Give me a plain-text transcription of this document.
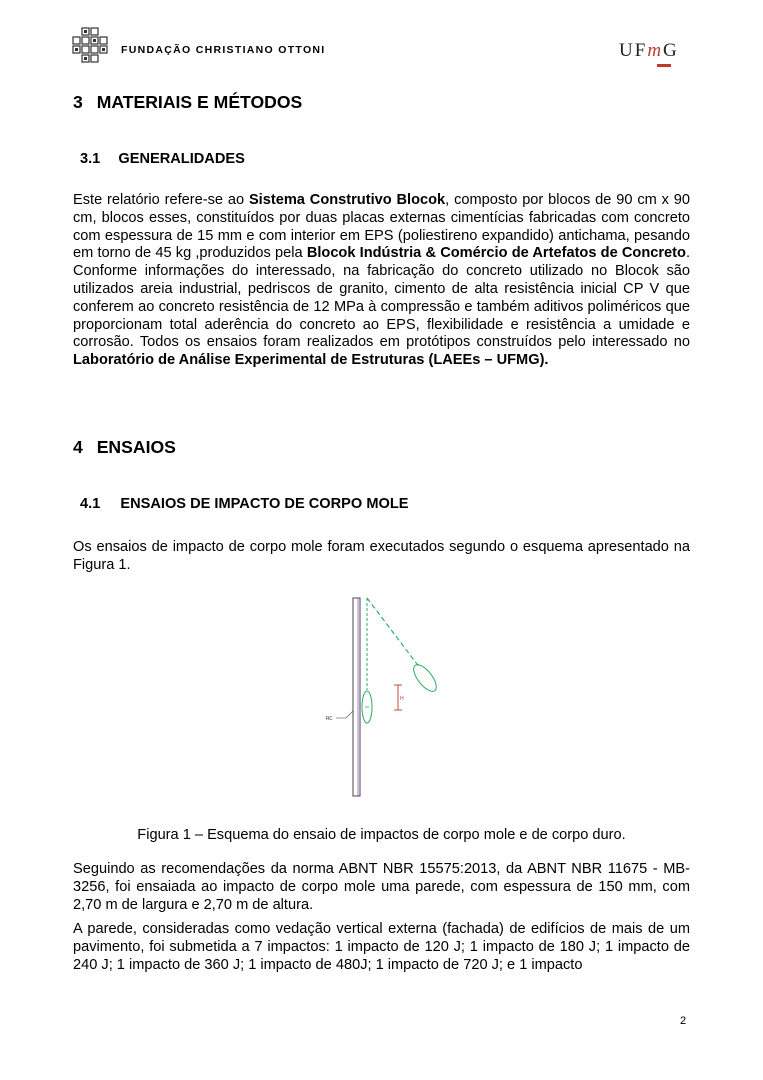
FUNDAÇÃO CHRISTIANO OTTONI	UFmG
3 MATERIAIS E MÉTODOS
3.1 GENERALIDADES
Este relatório refere-se ao Sistema Construtivo Blocok, composto por blocos de 90 cm x 90 cm, blocos esses, constituídos por duas placas externas cimentícias fabricadas com concreto com espessura de 15 mm e com interior em EPS (poliestireno expandido) antichama, pesando em torno de 45 kg ,produzidos pela Blocok Indústria & Comércio de Artefatos de Concreto. Conforme informações do interessado, na fabricação do concreto utilizado no Blocok são utilizados areia industrial, pedriscos de granito, cimento de alta resistência inicial CP V que conferem ao concreto resistência de 12 MPa à compressão e também aditivos poliméricos que proporcionam total aderência do concreto ao EPS, flexibilidade e resistência a umidade e corrosão. Todos os ensaios foram realizados em protótipos construídos pelo interessado no Laboratório de Análise Experimental de Estruturas (LAEEs – UFMG).
4 ENSAIOS
4.1 ENSAIOS DE IMPACTO DE CORPO MOLE
Os ensaios de impacto de corpo mole foram executados segundo o esquema apresentado na Figura 1.
H
RC
Figura 1 – Esquema do ensaio de impactos de corpo mole e de corpo duro.
Seguindo as recomendações da norma ABNT NBR 15575:2013, da ABNT NBR 11675 - MB-3256, foi ensaiada ao impacto de corpo mole uma parede, com espessura de 150 mm, com 2,70 m de largura e 2,70 m de altura.
A parede, consideradas como vedação vertical externa (fachada) de edifícios de mais de um pavimento, foi submetida a 7 impactos: 1 impacto de 120 J; 1 impacto de 180 J; 1 impacto de 240 J; 1 impacto de 360 J; 1 impacto de 480J; 1 impacto de 720 J; e 1 impacto
2
